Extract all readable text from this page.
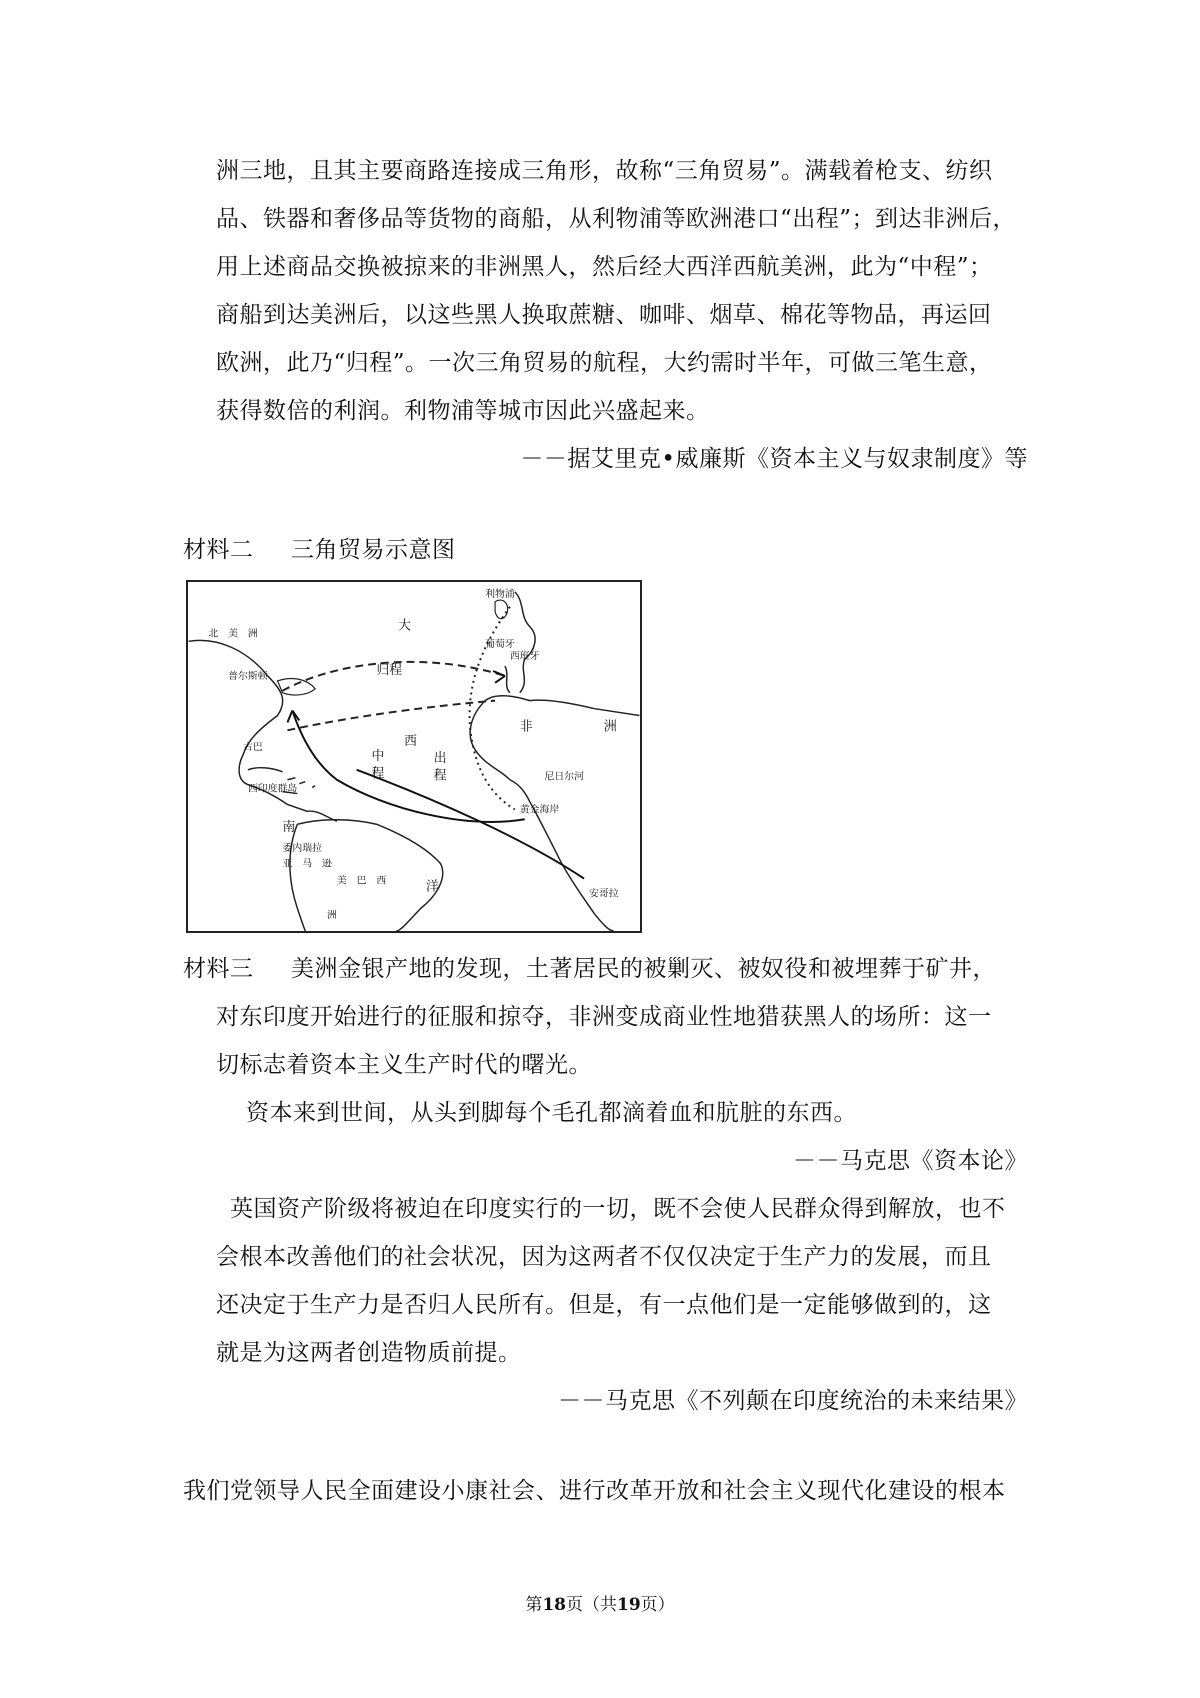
洲三地，且其主要商路连接成三角形，故称“三角贸易”。满载着枪支、纺织
品、铁器和奢侈品等货物的商船，从利物浦等欧洲港口“出程”；到达非洲后，
用上述商品交换被掠来的非洲黑人，然后经大西洋西航美洲，此为“中程”；
商船到达美洲后，以这些黑人换取蔗糖、咖啡、烟草、棉花等物品，再运回
欧洲，此乃“归程”。一次三角贸易的航程，大约需时半年，可做三笔生意，
获得数倍的利润。利物浦等城市因此兴盛起来。
－－据艾里克•威廉斯《资本主义与奴隶制度》等
材料二 三角贸易示意图
北　美　洲
大
归程
普尔斯顿
利物浦
西班牙
葡萄牙
西
中
程
出
程
古巴
西印度群岛
南
委内瑞拉
亚　马　逊
美　巴　西	洋
洲
非	洲
尼日尔河
黄金海岸
安哥拉
材料三 美洲金银产地的发现，土著居民的被剿灭、被奴役和被埋葬于矿井，
对东印度开始进行的征服和掠夺，非洲变成商业性地猎获黑人的场所：这一
切标志着资本主义生产时代的曙光。
资本来到世间，从头到脚每个毛孔都滴着血和肮脏的东西。
－－马克思《资本论》
英国资产阶级将被迫在印度实行的一切，既不会使人民群众得到解放，也不
会根本改善他们的社会状况，因为这两者不仅仅决定于生产力的发展，而且
还决定于生产力是否归人民所有。但是，有一点他们是一定能够做到的，这
就是为这两者创造物质前提。
－－马克思《不列颠在印度统治的未来结果》
我们党领导人民全面建设小康社会、进行改革开放和社会主义现代化建设的根本
第18页（共19页）
